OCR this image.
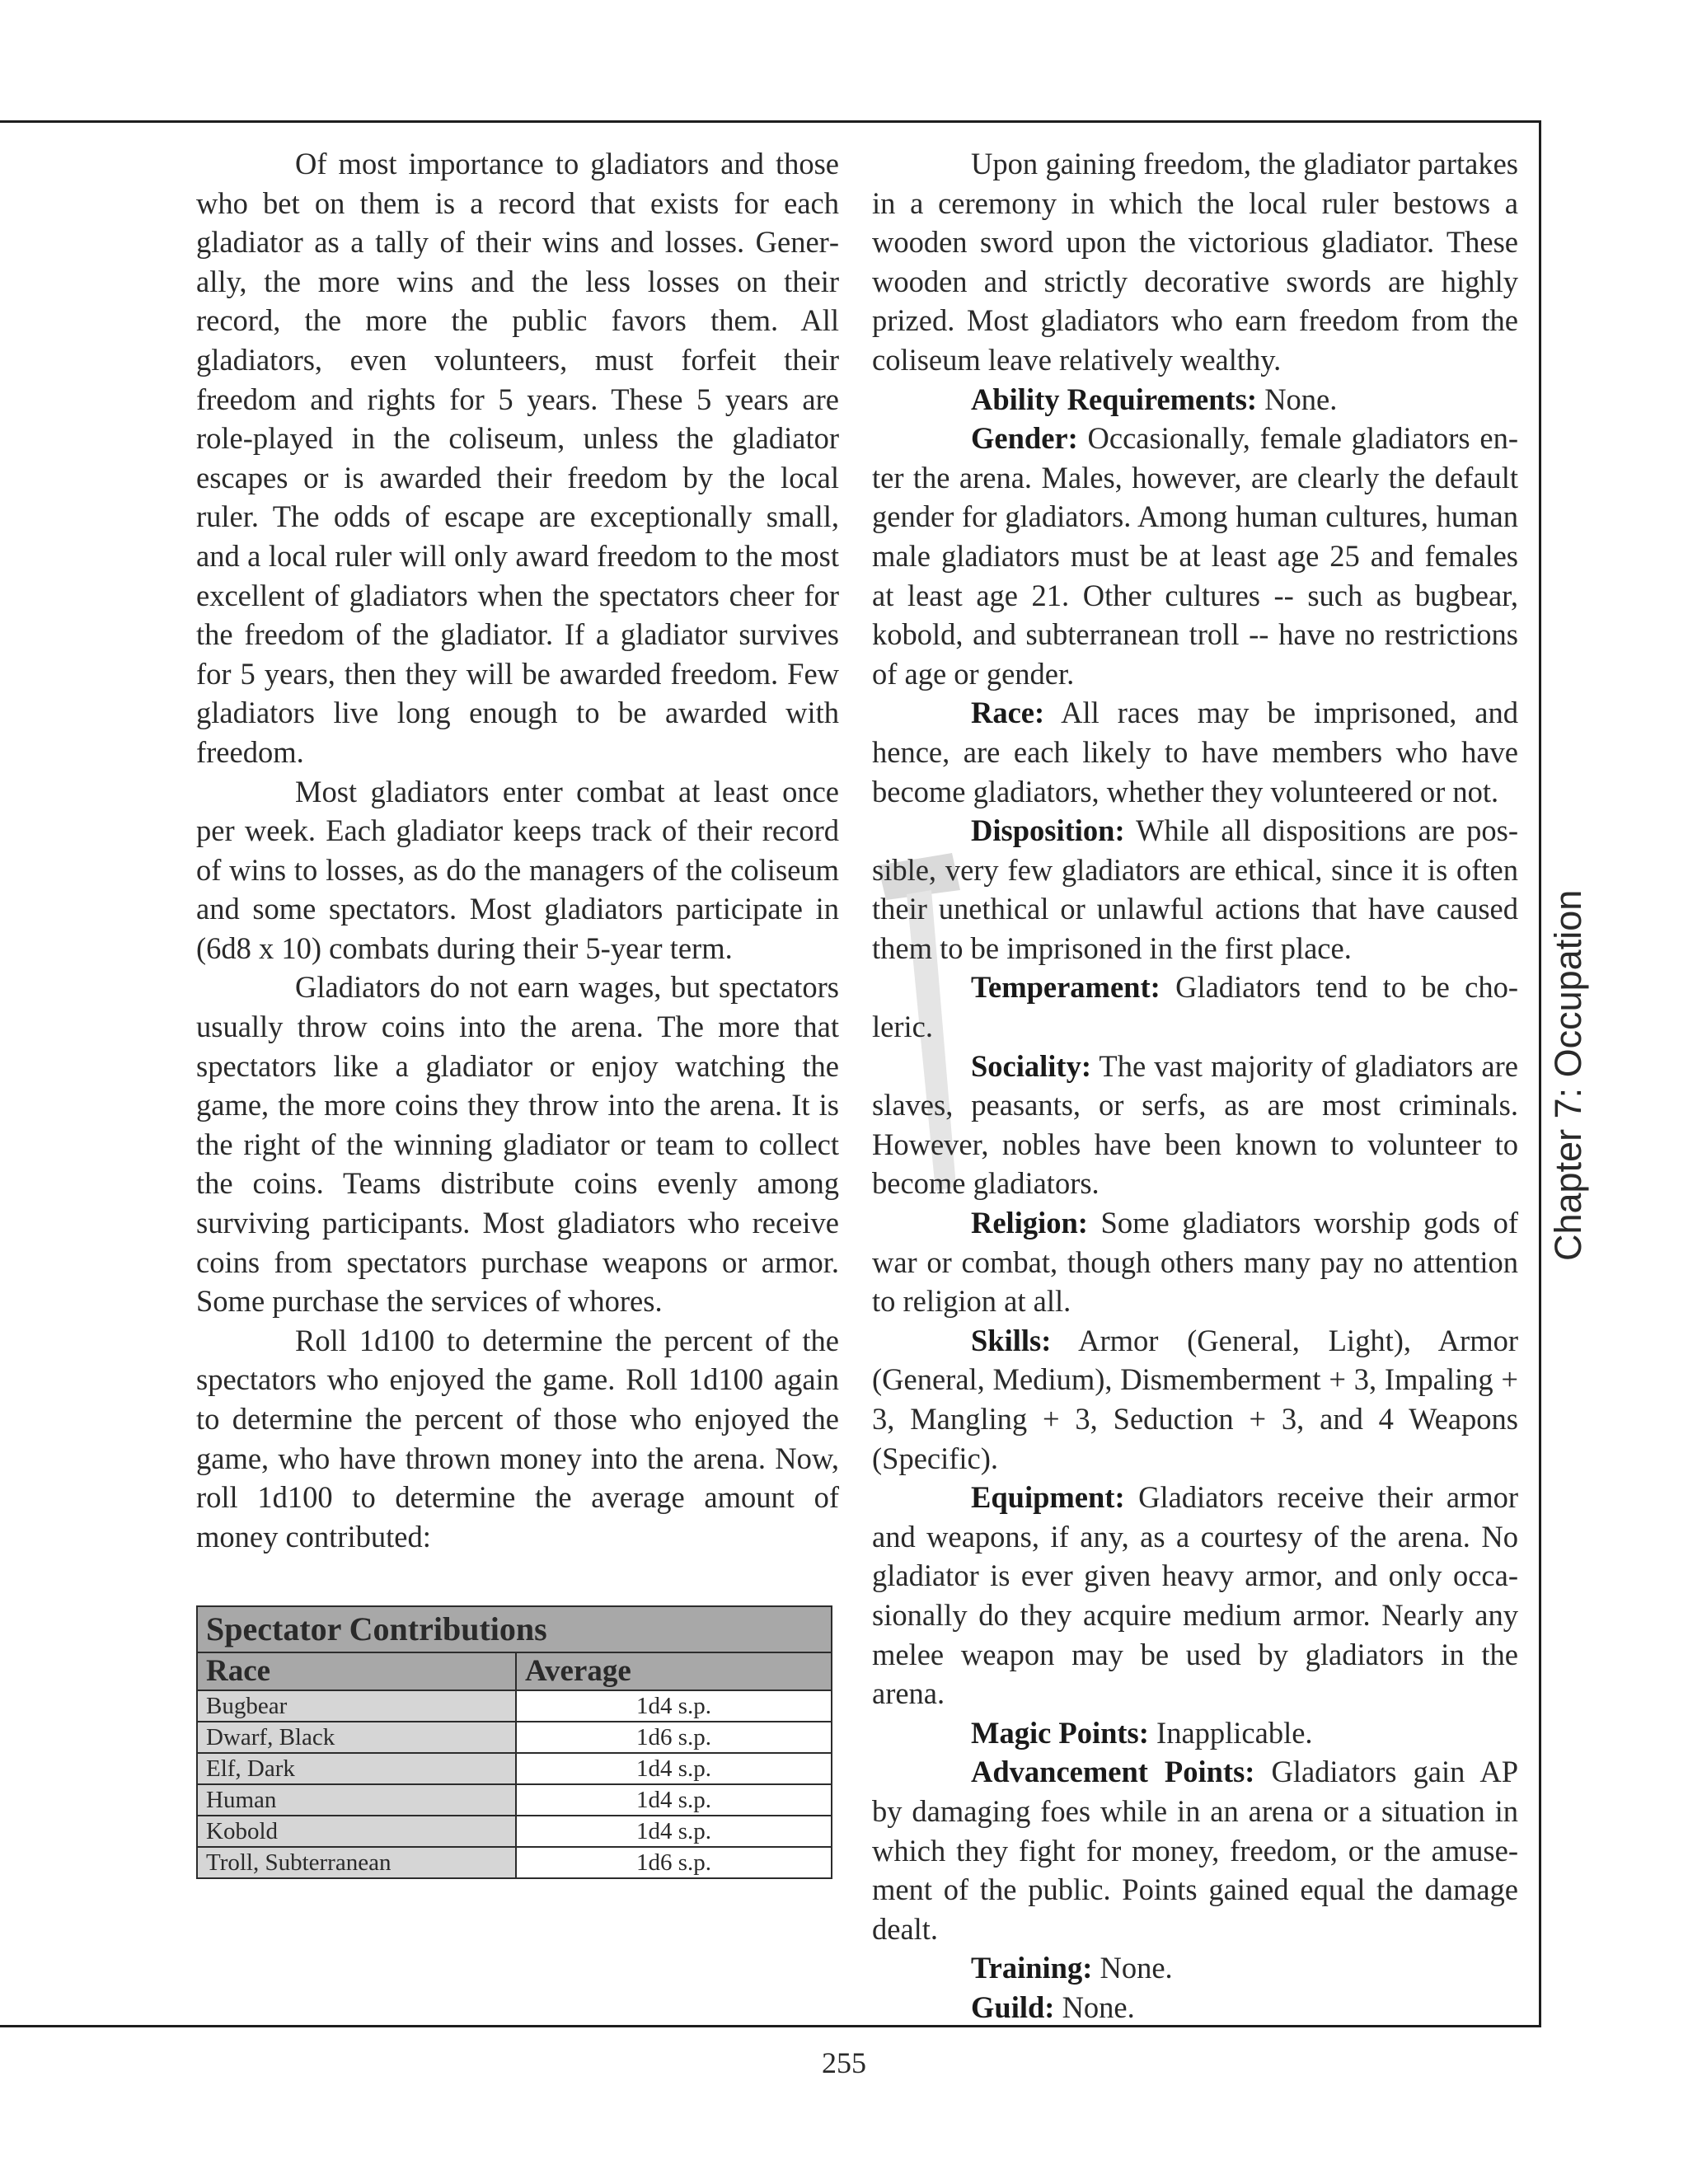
Of most importance to gladiators and those who bet on them is a record that exists for each gladiator as a tally of their wins and losses. Generally, the more wins and the less losses on their record, the more the public favors them. All gladiators, even volunteers, must forfeit their freedom and rights for 5 years. These 5 years are role-played in the coliseum, unless the gladiator escapes or is awarded their freedom by the local ruler. The odds of escape are exceptionally small, and a local ruler will only award freedom to the most excellent of gladiators when the spectators cheer for the freedom of the gladiator. If a gladiator survives for 5 years, then they will be awarded freedom. Few gladiators live long enough to be awarded with freedom.

Most gladiators enter combat at least once per week. Each gladiator keeps track of their record of wins to losses, as do the managers of the coliseum and some spectators. Most gladiators participate in (6d8 x 10) combats during their 5-year term.

Gladiators do not earn wages, but spectators usually throw coins into the arena. The more that spectators like a gladiator or enjoy watching the game, the more coins they throw into the arena. It is the right of the winning gladiator or team to collect the coins. Teams distribute coins evenly among surviving participants. Most gladiators who receive coins from spectators purchase weapons or armor. Some purchase the services of whores.

Roll 1d100 to determine the percent of the spectators who enjoyed the game. Roll 1d100 again to determine the percent of those who enjoyed the game, who have thrown money into the arena. Now, roll 1d100 to determine the average amount of money contributed:

Spectator Contributions	
Race	Average
Bugbear	1d4 s.p.
Dwarf, Black	1d6 s.p.
Elf, Dark	1d4 s.p.
Human	1d4 s.p.
Kobold	1d4 s.p.
Troll, Subterranean	1d6 s.p.

Upon gaining freedom, the gladiator partakes in a ceremony in which the local ruler bestows a wooden sword upon the victorious gladiator. These wooden and strictly decorative swords are highly prized. Most gladiators who earn freedom from the coliseum leave relatively wealthy.

Ability Requirements: None.

Gender: Occasionally, female gladiators enter the arena. Males, however, are clearly the default gender for gladiators. Among human cultures, human male gladiators must be at least age 25 and females at least age 21. Other cultures -- such as bugbear, kobold, and subterranean troll -- have no restrictions of age or gender.

Race: All races may be imprisoned, and hence, are each likely to have members who have become gladiators, whether they volunteered or not.

Disposition: While all dispositions are possible, very few gladiators are ethical, since it is often their unethical or unlawful actions that have caused them to be imprisoned in the first place.

Temperament: Gladiators tend to be choleric.

Sociality: The vast majority of gladiators are slaves, peasants, or serfs, as are most criminals. However, nobles have been known to volunteer to become gladiators.

Religion: Some gladiators worship gods of war or combat, though others many pay no attention to religion at all.

Skills: Armor (General, Light), Armor (General, Medium), Dismemberment + 3, Impaling + 3, Mangling + 3, Seduction + 3, and 4 Weapons (Specific).

Equipment: Gladiators receive their armor and weapons, if any, as a courtesy of the arena. No gladiator is ever given heavy armor, and only occasionally do they acquire medium armor. Nearly any melee weapon may be used by gladiators in the arena.

Magic Points: Inapplicable.

Advancement Points: Gladiators gain AP by damaging foes while in an arena or a situation in which they fight for money, freedom, or the amusement of the public. Points gained equal the damage dealt.

Training: None.

Guild: None.

Chapter 7: Occupation
255
